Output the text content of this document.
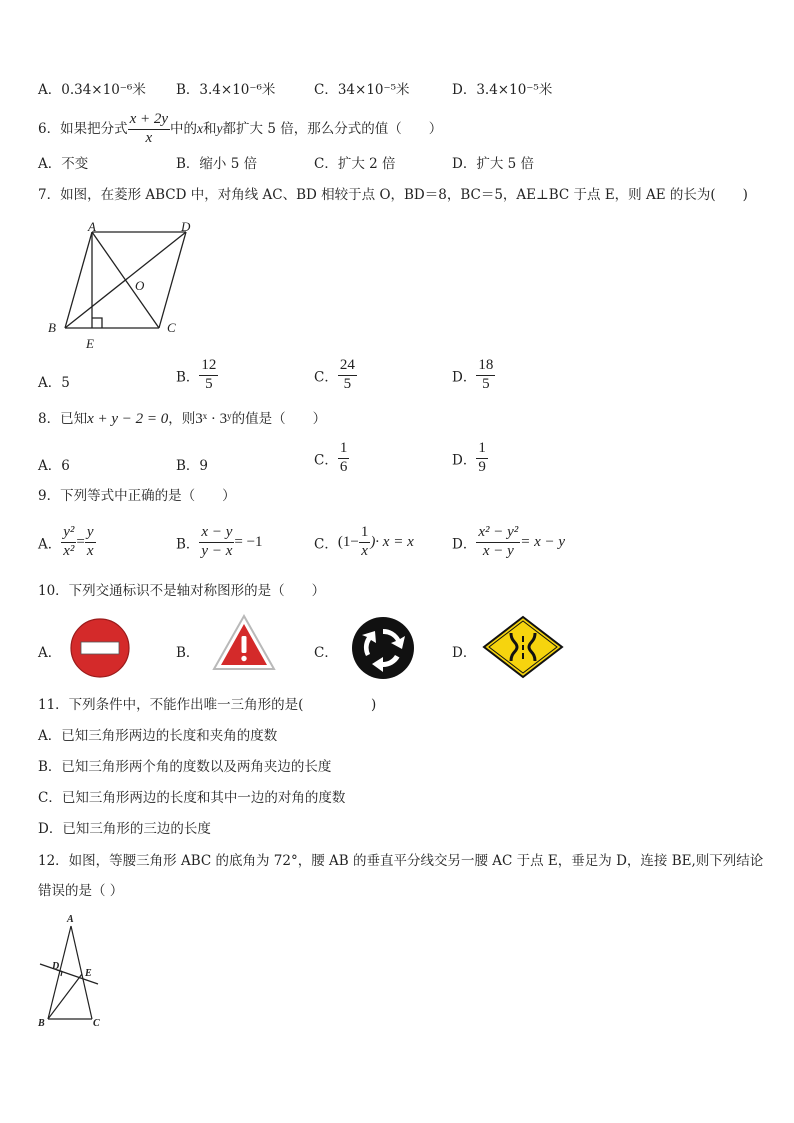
A．0.34×10⁻⁶米 B．3.4×10⁻⁶米	C．34×10⁻⁵米	D．3.4×10⁻⁵米
6．如果把分式 $\frac{x + 2y}{x}$ 中的x和y都扩大 5 倍，那么分式的值（　　）
A．不变	B．缩小 5 倍	C．扩大 2 倍	D．扩大 5 倍
7．如图，在菱形 ABCD 中，对角线 AC、BD 相较于点 O，BD＝8，BC＝5，AE⊥BC 于点 E，则 AE 的长为(　　)
A	D
B	C
O
E
A．5	B． $\frac{12}{5}$	C． $\frac{24}{5}$	D． $\frac{18}{5}$
8．已知x + y − 2 = 0，则3ˣ · 3ʸ的值是（　　）
A．6	B．9	C． $\frac{1}{6}$	D． $\frac{1}{9}$
9．下列等式中正确的是（　　）
A． $\frac{\text{y²}}{\text{x²}} = \frac{y}{x}$	B． $\frac{x - y}{y - x} = -1$	C．($1- \frac{1}{x}$ )· x = x	D． $\frac{\text{x² − y²}}{x - y} = x - y$
10．下列交通标识不是轴对称图形的是（　　）
A．	B．	C．	D．
11．下列条件中，不能作出唯一三角形的是(　　　　　)
A．已知三角形两边的长度和夹角的度数
B．已知三角形两个角的度数以及两角夹边的长度
C．已知三角形两边的长度和其中一边的对角的度数
D．已知三角形的三边的长度
12．如图，等腰三角形 ABC 的底角为 72°，腰 AB 的垂直平分线交另一腰 AC 于点 E，垂足为 D，连接 BE,则下列结论
错误的是（ ）
A
D
E
B	C
